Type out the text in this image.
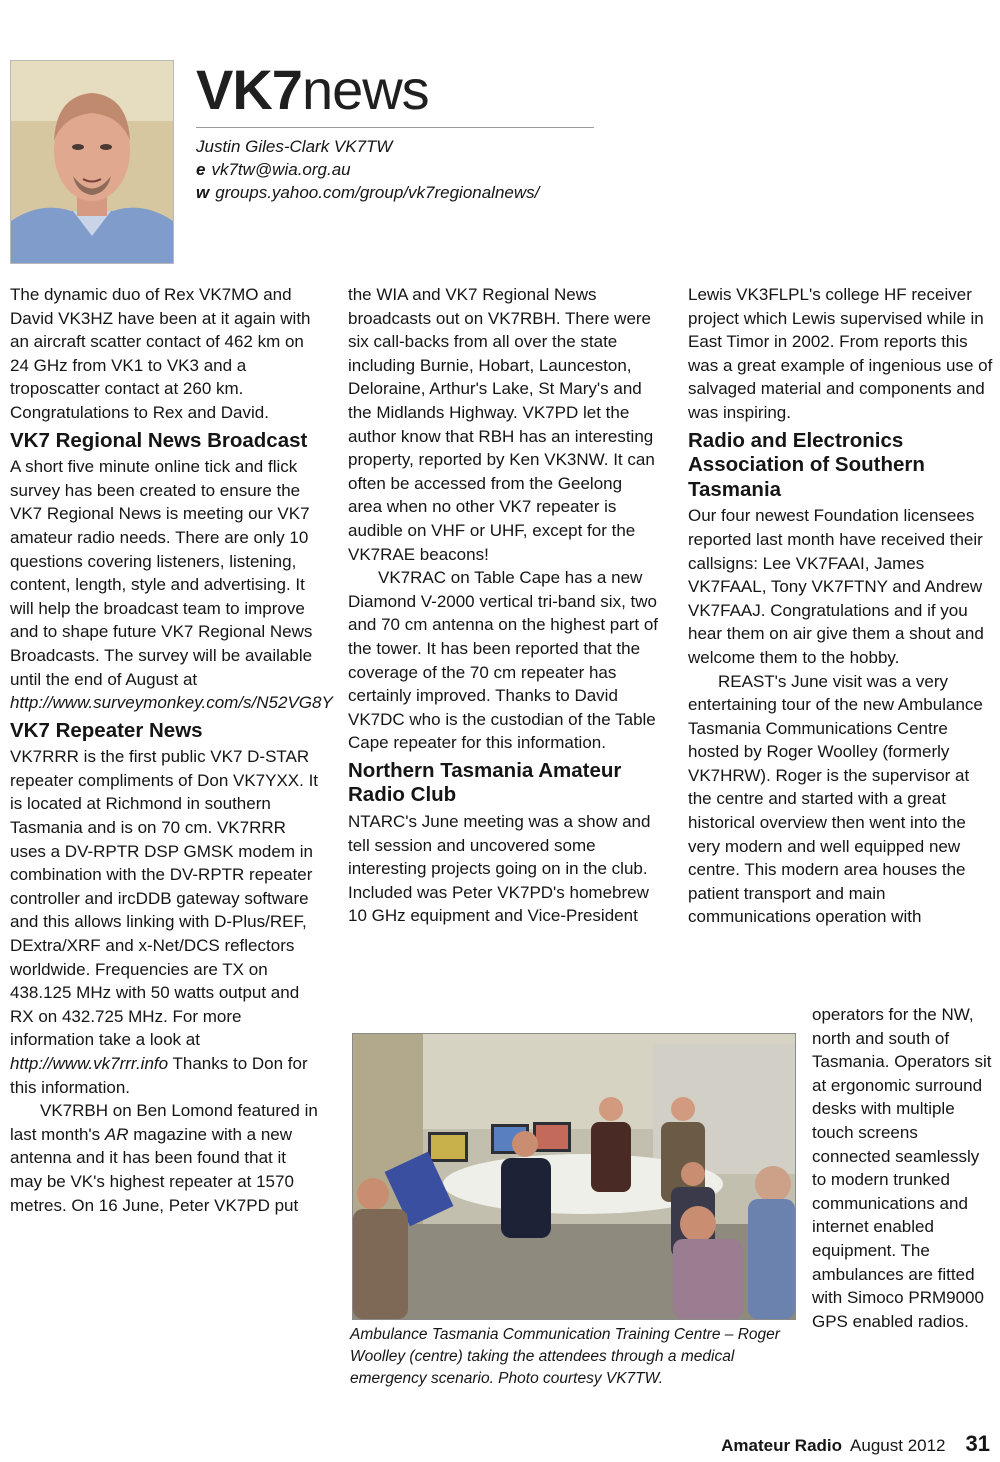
VK7news
Justin Giles-Clark VK7TW
e vk7tw@wia.org.au
w groups.yahoo.com/group/vk7regionalnews/

The dynamic duo of Rex VK7MO and David VK3HZ have been at it again with an aircraft scatter contact of 462 km on 24 GHz from VK1 to VK3 and a troposcatter contact at 260 km. Congratulations to Rex and David.

VK7 Regional News Broadcast

A short five minute online tick and flick survey has been created to ensure the VK7 Regional News is meeting our VK7 amateur radio needs. There are only 10 questions covering listeners, listening, content, length, style and advertising. It will help the broadcast team to improve and to shape future VK7 Regional News Broadcasts. The survey will be available until the end of August at http://www.surveymonkey.com/s/N52VG8Y

VK7 Repeater News

VK7RRR is the first public VK7 D-STAR repeater compliments of Don VK7YXX. It is located at Richmond in southern Tasmania and is on 70 cm. VK7RRR uses a DV-RPTR DSP GMSK modem in combination with the DV-RPTR repeater controller and ircDDB gateway software and this allows linking with D-Plus/REF, DExtra/XRF and x-Net/DCS reflectors worldwide. Frequencies are TX on 438.125 MHz with 50 watts output and RX on 432.725 MHz. For more information take a look at http://www.vk7rrr.info Thanks to Don for this information.

VK7RBH on Ben Lomond featured in last month's AR magazine with a new antenna and it has been found that it may be VK's highest repeater at 1570 metres. On 16 June, Peter VK7PD put

the WIA and VK7 Regional News broadcasts out on VK7RBH. There were six call-backs from all over the state including Burnie, Hobart, Launceston, Deloraine, Arthur's Lake, St Mary's and the Midlands Highway. VK7PD let the author know that RBH has an interesting property, reported by Ken VK3NW. It can often be accessed from the Geelong area when no other VK7 repeater is audible on VHF or UHF, except for the VK7RAE beacons!

VK7RAC on Table Cape has a new Diamond V-2000 vertical tri-band six, two and 70 cm antenna on the highest part of the tower. It has been reported that the coverage of the 70 cm repeater has certainly improved. Thanks to David VK7DC who is the custodian of the Table Cape repeater for this information.

Northern Tasmania Amateur Radio Club

NTARC's June meeting was a show and tell session and uncovered some interesting projects going on in the club. Included was Peter VK7PD's homebrew 10 GHz equipment and Vice-President

Lewis VK3FLPL's college HF receiver project which Lewis supervised while in East Timor in 2002. From reports this was a great example of ingenious use of salvaged material and components and was inspiring.

Radio and Electronics Association of Southern Tasmania

Our four newest Foundation licensees reported last month have received their callsigns: Lee VK7FAAI, James VK7FAAL, Tony VK7FTNY and Andrew VK7FAAJ. Congratulations and if you hear them on air give them a shout and welcome them to the hobby.

REAST's June visit was a very entertaining tour of the new Ambulance Tasmania Communications Centre hosted by Roger Woolley (formerly VK7HRW). Roger is the supervisor at the centre and started with a great historical overview then went into the very modern and well equipped new centre. This modern area houses the patient transport and main communications operation with

operators for the NW, north and south of Tasmania. Operators sit at ergonomic surround desks with multiple touch screens connected seamlessly to modern trunked communications and internet enabled equipment. The ambulances are fitted with Simoco PRM9000 GPS enabled radios.

Ambulance Tasmania Communication Training Centre – Roger Woolley (centre) taking the attendees through a medical emergency scenario. Photo courtesy VK7TW.
Amateur Radio August 2012 31
